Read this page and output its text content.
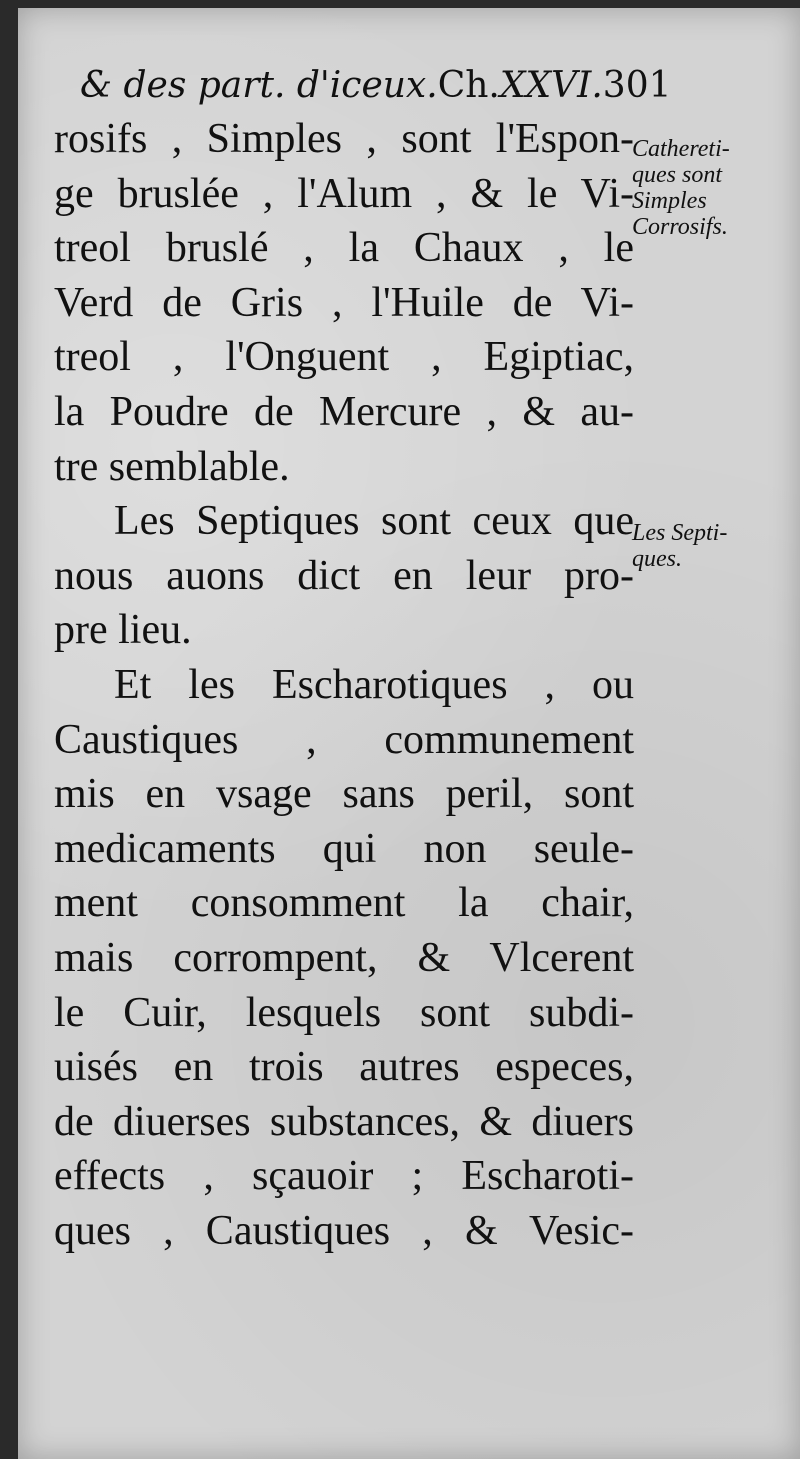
& des part. d'iceux.Ch.XXVI.301
rosifs , Simples , sont l'Espon-
ge bruslée , l'Alum , & le Vi-
treol bruslé , la Chaux , le
Verd de Gris , l'Huile de Vi-
treol , l'Onguent , Egiptiac,
la Poudre de Mercure , & au-
tre semblable.
Les Septiques sont ceux que
nous auons dict en leur pro-
pre lieu.
Et les Escharotiques , ou
Caustiques , communement
mis en vsage sans peril, sont
medicaments qui non seule-
ment consomment la chair,
mais corrompent, & Vlcerent
le Cuir, lesquels sont subdi-
uisés en trois autres especes,
de diuerses substances, & diuers
effects , sçauoir ; Escharoti-
ques , Caustiques , & Vesic-
Cathereti-
ques sont
Simples
Corrosifs.
Les Septi-
ques.
